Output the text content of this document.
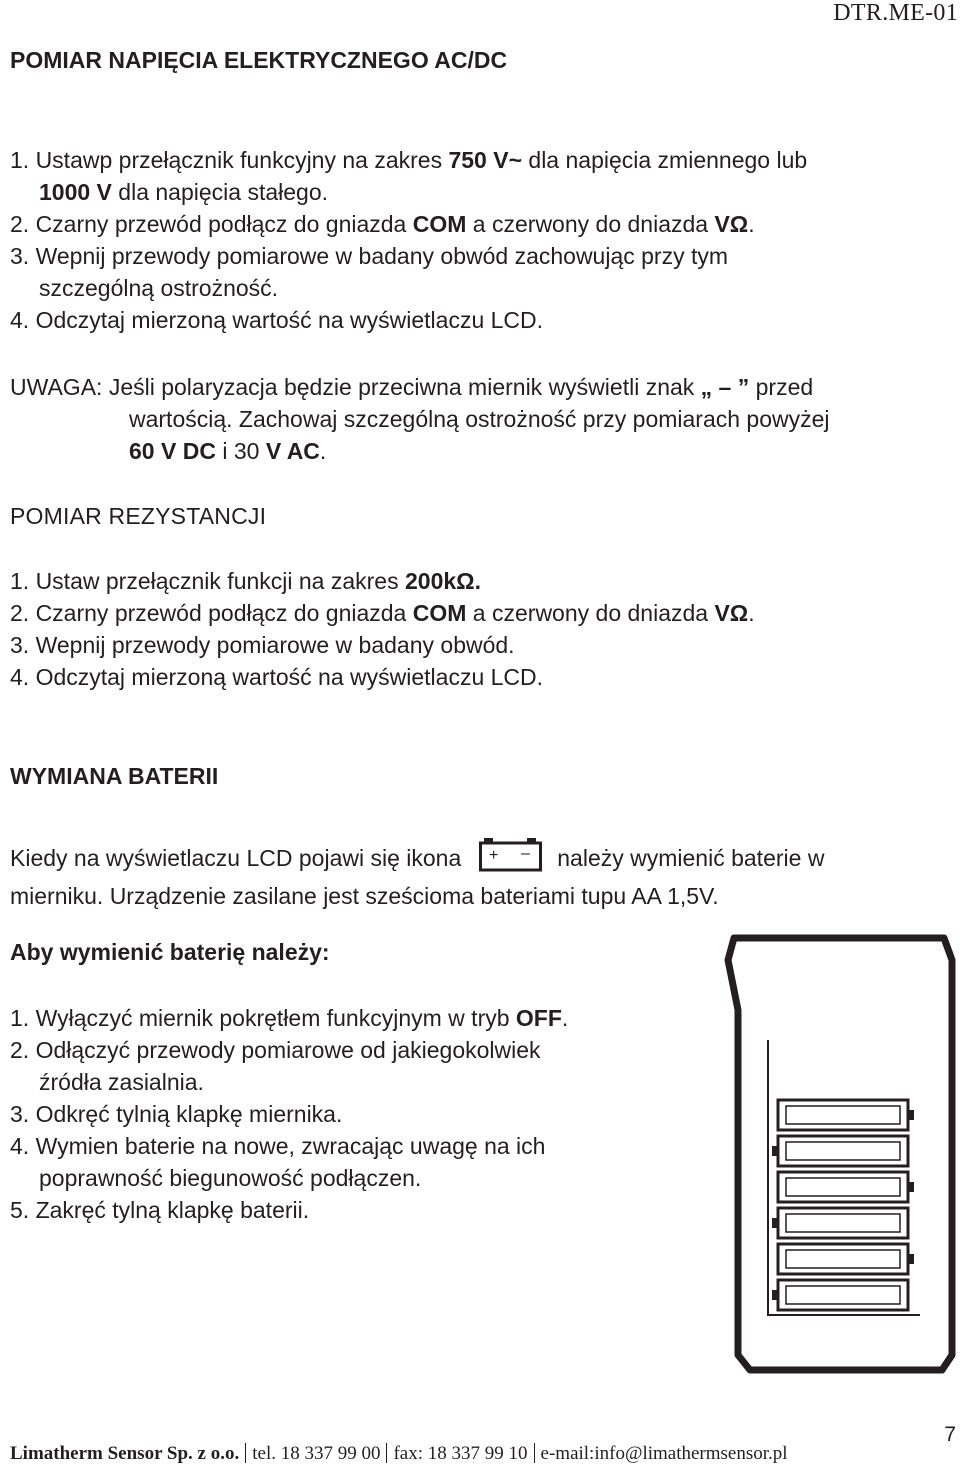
DTR.ME-01
POMIAR NAPIĘCIA ELEKTRYCZNEGO AC/DC
1. Ustawp przełącznik funkcyjny na zakres 750 V~ dla napięcia zmiennego lub
1000 V dla napięcia stałego.
2. Czarny przewód podłącz do gniazda COM a czerwony do dniazda VΩ.
3. Wepnij przewody pomiarowe w badany obwód zachowując przy tym
szczególną ostrożność.
4. Odczytaj mierzoną wartość na wyświetlaczu LCD.
UWAGA: Jeśli polaryzacja będzie przeciwna miernik wyświetli znak „ – ” przed
wartością. Zachowaj szczególną ostrożność przy pomiarach powyżej
60 V DC i 30 V AC.
POMIAR REZYSTANCJI
1. Ustaw przełącznik funkcji na zakres 200kΩ.
2. Czarny przewód podłącz do gniazda COM a czerwony do dniazda VΩ.
3. Wepnij przewody pomiarowe w badany obwód.
4. Odczytaj mierzoną wartość na wyświetlaczu LCD.
WYMIANA BATERII
Kiedy na wyświetlaczu LCD pojawi się ikona + – należy wymienić baterie w
mierniku. Urządzenie zasilane jest sześcioma bateriami tupu AA 1,5V.
Aby wymienić baterię należy:
1. Wyłączyć miernik pokrętłem funkcyjnym w tryb OFF.
2. Odłączyć przewody pomiarowe od jakiegokolwiek
źródła zasialnia.
3. Odkręć tylnią klapkę miernika.
4. Wymien baterie na nowe, zwracając uwagę na ich
poprawność biegunowość podłączen.
5. Zakręć tylną klapkę baterii.
Limatherm Sensor Sp. z o.o. tel. 18 337 99 00 fax: 18 337 99 10 e-mail:info@limathermsensor.pl
7
